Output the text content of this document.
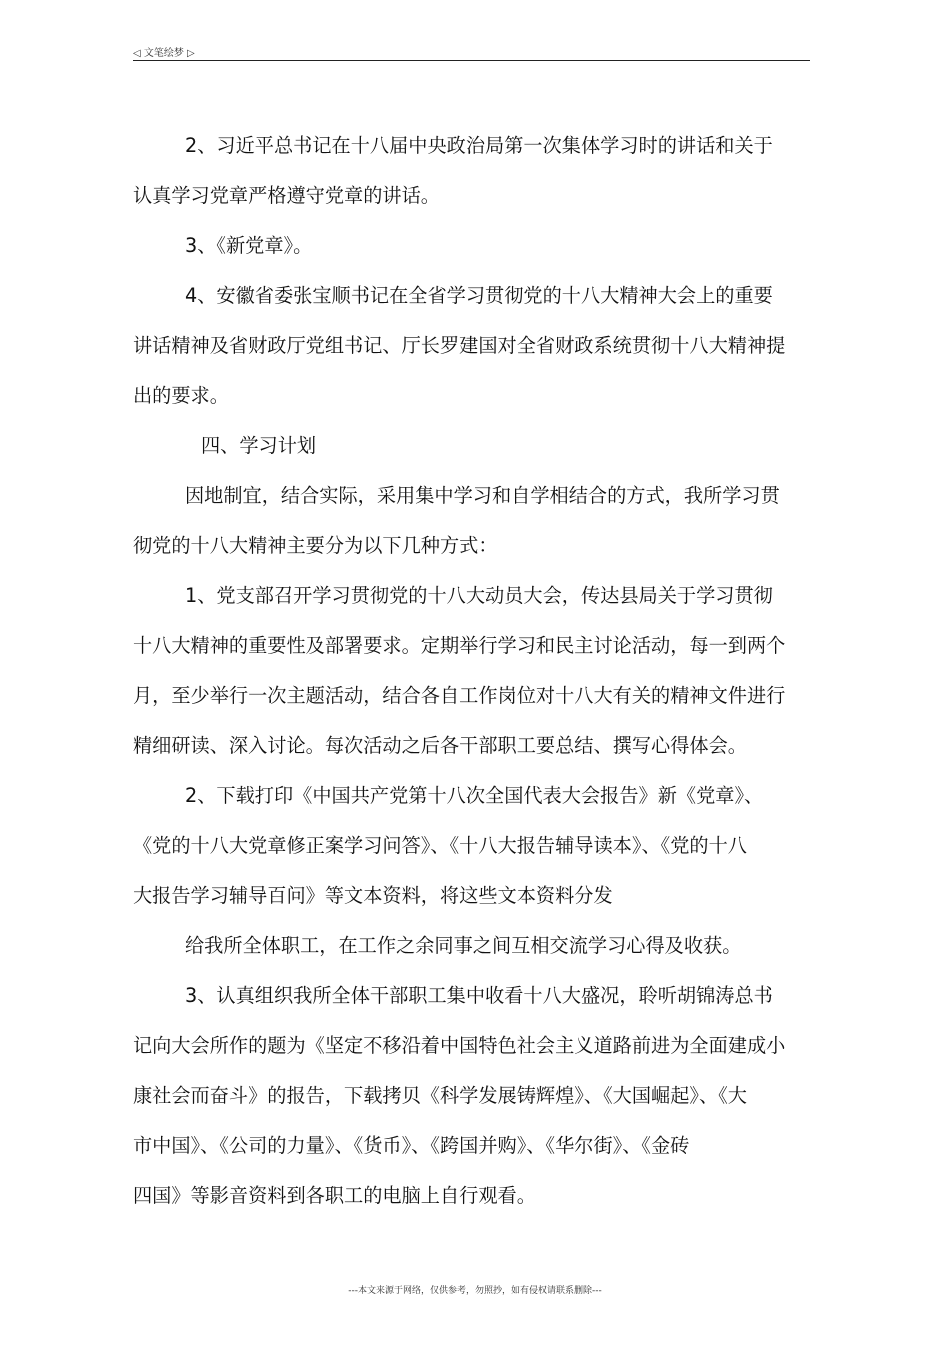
◁ 文笔绘梦 ▷
2、习近平总书记在十八届中央政治局第一次集体学习时的讲话和关于
认真学习党章严格遵守党章的讲话。
3、《新党章》。
4、安徽省委张宝顺书记在全省学习贯彻党的十八大精神大会上的重要
讲话精神及省财政厅党组书记、厅长罗建国对全省财政系统贯彻十八大精神提
出的要求。
四、学习计划
因地制宜，结合实际，采用集中学习和自学相结合的方式，我所学习贯
彻党的十八大精神主要分为以下几种方式：
1、党支部召开学习贯彻党的十八大动员大会，传达县局关于学习贯彻
十八大精神的重要性及部署要求。定期举行学习和民主讨论活动，每一到两个
月，至少举行一次主题活动，结合各自工作岗位对十八大有关的精神文件进行
精细研读、深入讨论。每次活动之后各干部职工要总结、撰写心得体会。
2、下载打印《中国共产党第十八次全国代表大会报告》新《党章》、
《党的十八大党章修正案学习问答》、《十八大报告辅导读本》、《党的十八
大报告学习辅导百问》等文本资料，将这些文本资料分发
给我所全体职工，在工作之余同事之间互相交流学习心得及收获。
3、认真组织我所全体干部职工集中收看十八大盛况，聆听胡锦涛总书
记向大会所作的题为《坚定不移沿着中国特色社会主义道路前进为全面建成小
康社会而奋斗》的报告，下载拷贝《科学发展铸辉煌》、《大国崛起》、《大
市中国》、《公司的力量》、《货币》、《跨国并购》、《华尔街》、《金砖
四国》等影音资料到各职工的电脑上自行观看。
---本文来源于网络，仅供参考，勿照抄，如有侵权请联系删除---
